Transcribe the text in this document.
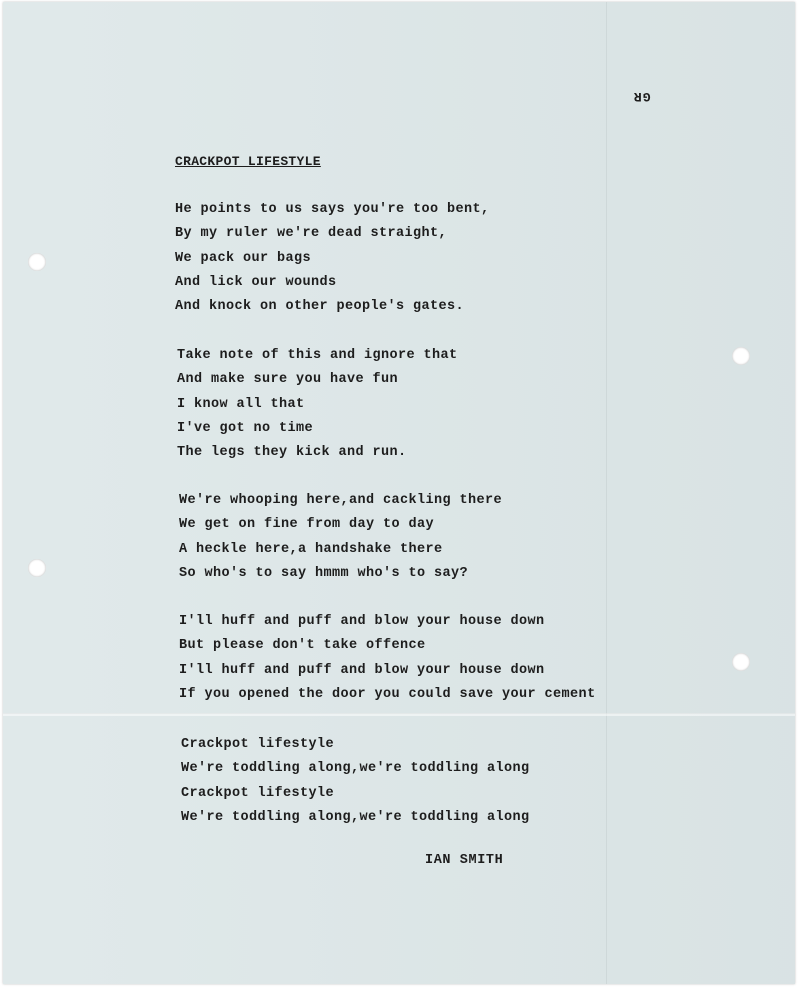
GR
CRACKPOT LIFESTYLE
He points to us says you're too bent,
By my ruler we're dead straight,
We pack our bags
And lick our wounds
And knock on other people's gates.
Take note of this and ignore that
And make sure you have fun
I know all that
I've got no time
The legs they kick and run.
We're whooping here,and cackling there
We get on fine from day to day
A heckle here,a handshake there
So who's to say hmmm who's to say?
I'll huff and puff and blow your house down
But please don't take offence
I'll huff and puff and blow your house down
If you opened the door you could save your cement
Crackpot lifestyle
We're toddling along,we're toddling along
Crackpot lifestyle
We're toddling along,we're toddling along
IAN SMITH
